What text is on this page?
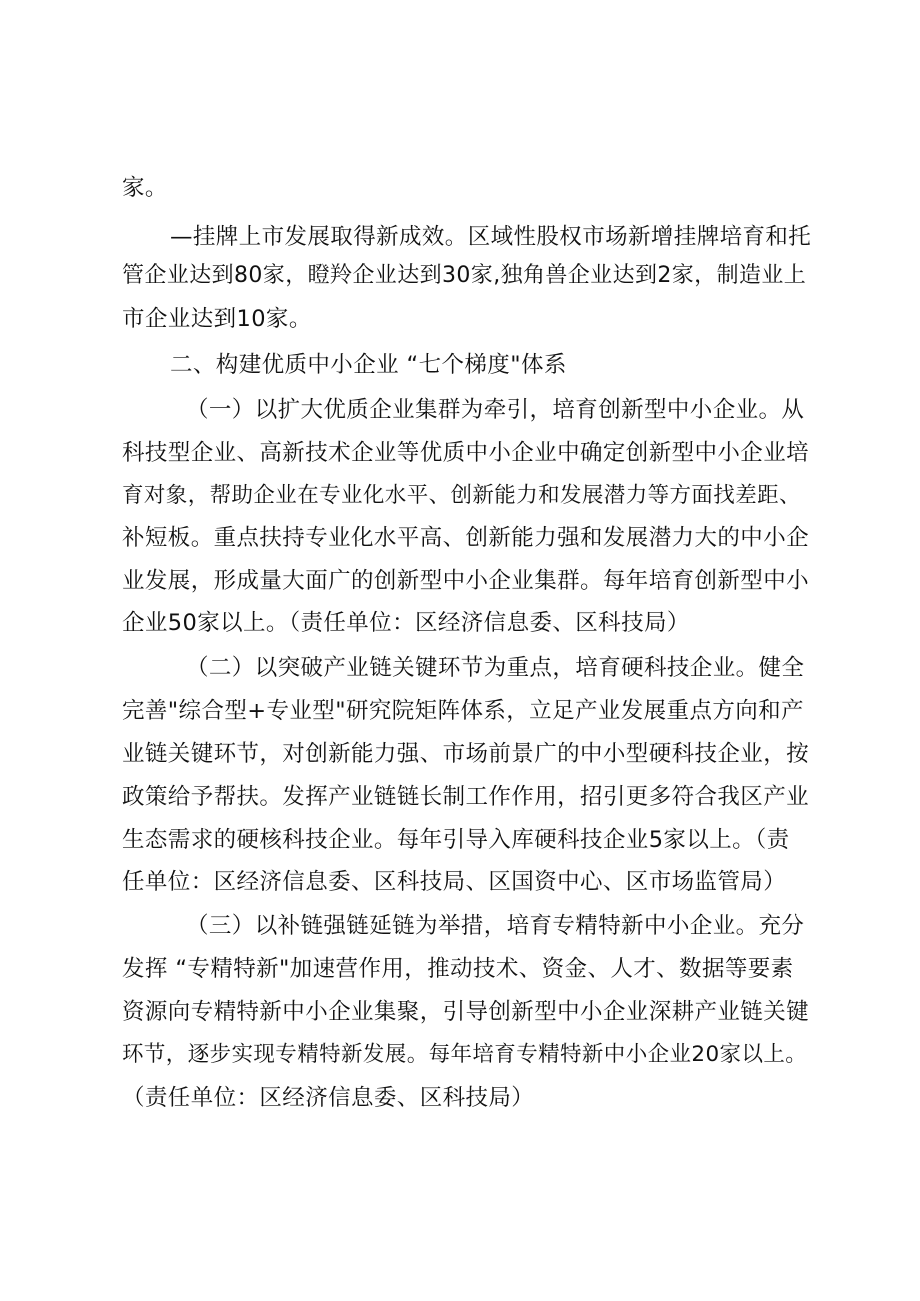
家。
—挂牌上市发展取得新成效。区域性股权市场新增挂牌培育和托
管企业达到80家，瞪羚企业达到30家,独角兽企业达到2家，制造业上
市企业达到10家。
二、构建优质中小企业 “七个梯度"体系
（一）以扩大优质企业集群为牵引，培育创新型中小企业。从
科技型企业、高新技术企业等优质中小企业中确定创新型中小企业培
育对象，帮助企业在专业化水平、创新能力和发展潜力等方面找差距、
补短板。重点扶持专业化水平高、创新能力强和发展潜力大的中小企
业发展，形成量大面广的创新型中小企业集群。每年培育创新型中小
企业50家以上。（责任单位：区经济信息委、区科技局）
（二）以突破产业链关键环节为重点，培育硬科技企业。健全
完善"综合型+专业型"研究院矩阵体系，立足产业发展重点方向和产
业链关键环节，对创新能力强、市场前景广的中小型硬科技企业，按
政策给予帮扶。发挥产业链链长制工作作用，招引更多符合我区产业
生态需求的硬核科技企业。每年引导入库硬科技企业5家以上。（责
任单位：区经济信息委、区科技局、区国资中心、区市场监管局）
（三）以补链强链延链为举措，培育专精特新中小企业。充分
发挥 “专精特新"加速营作用，推动技术、资金、人才、数据等要素
资源向专精特新中小企业集聚，引导创新型中小企业深耕产业链关键
环节，逐步实现专精特新发展。每年培育专精特新中小企业20家以上。
（责任单位：区经济信息委、区科技局）
